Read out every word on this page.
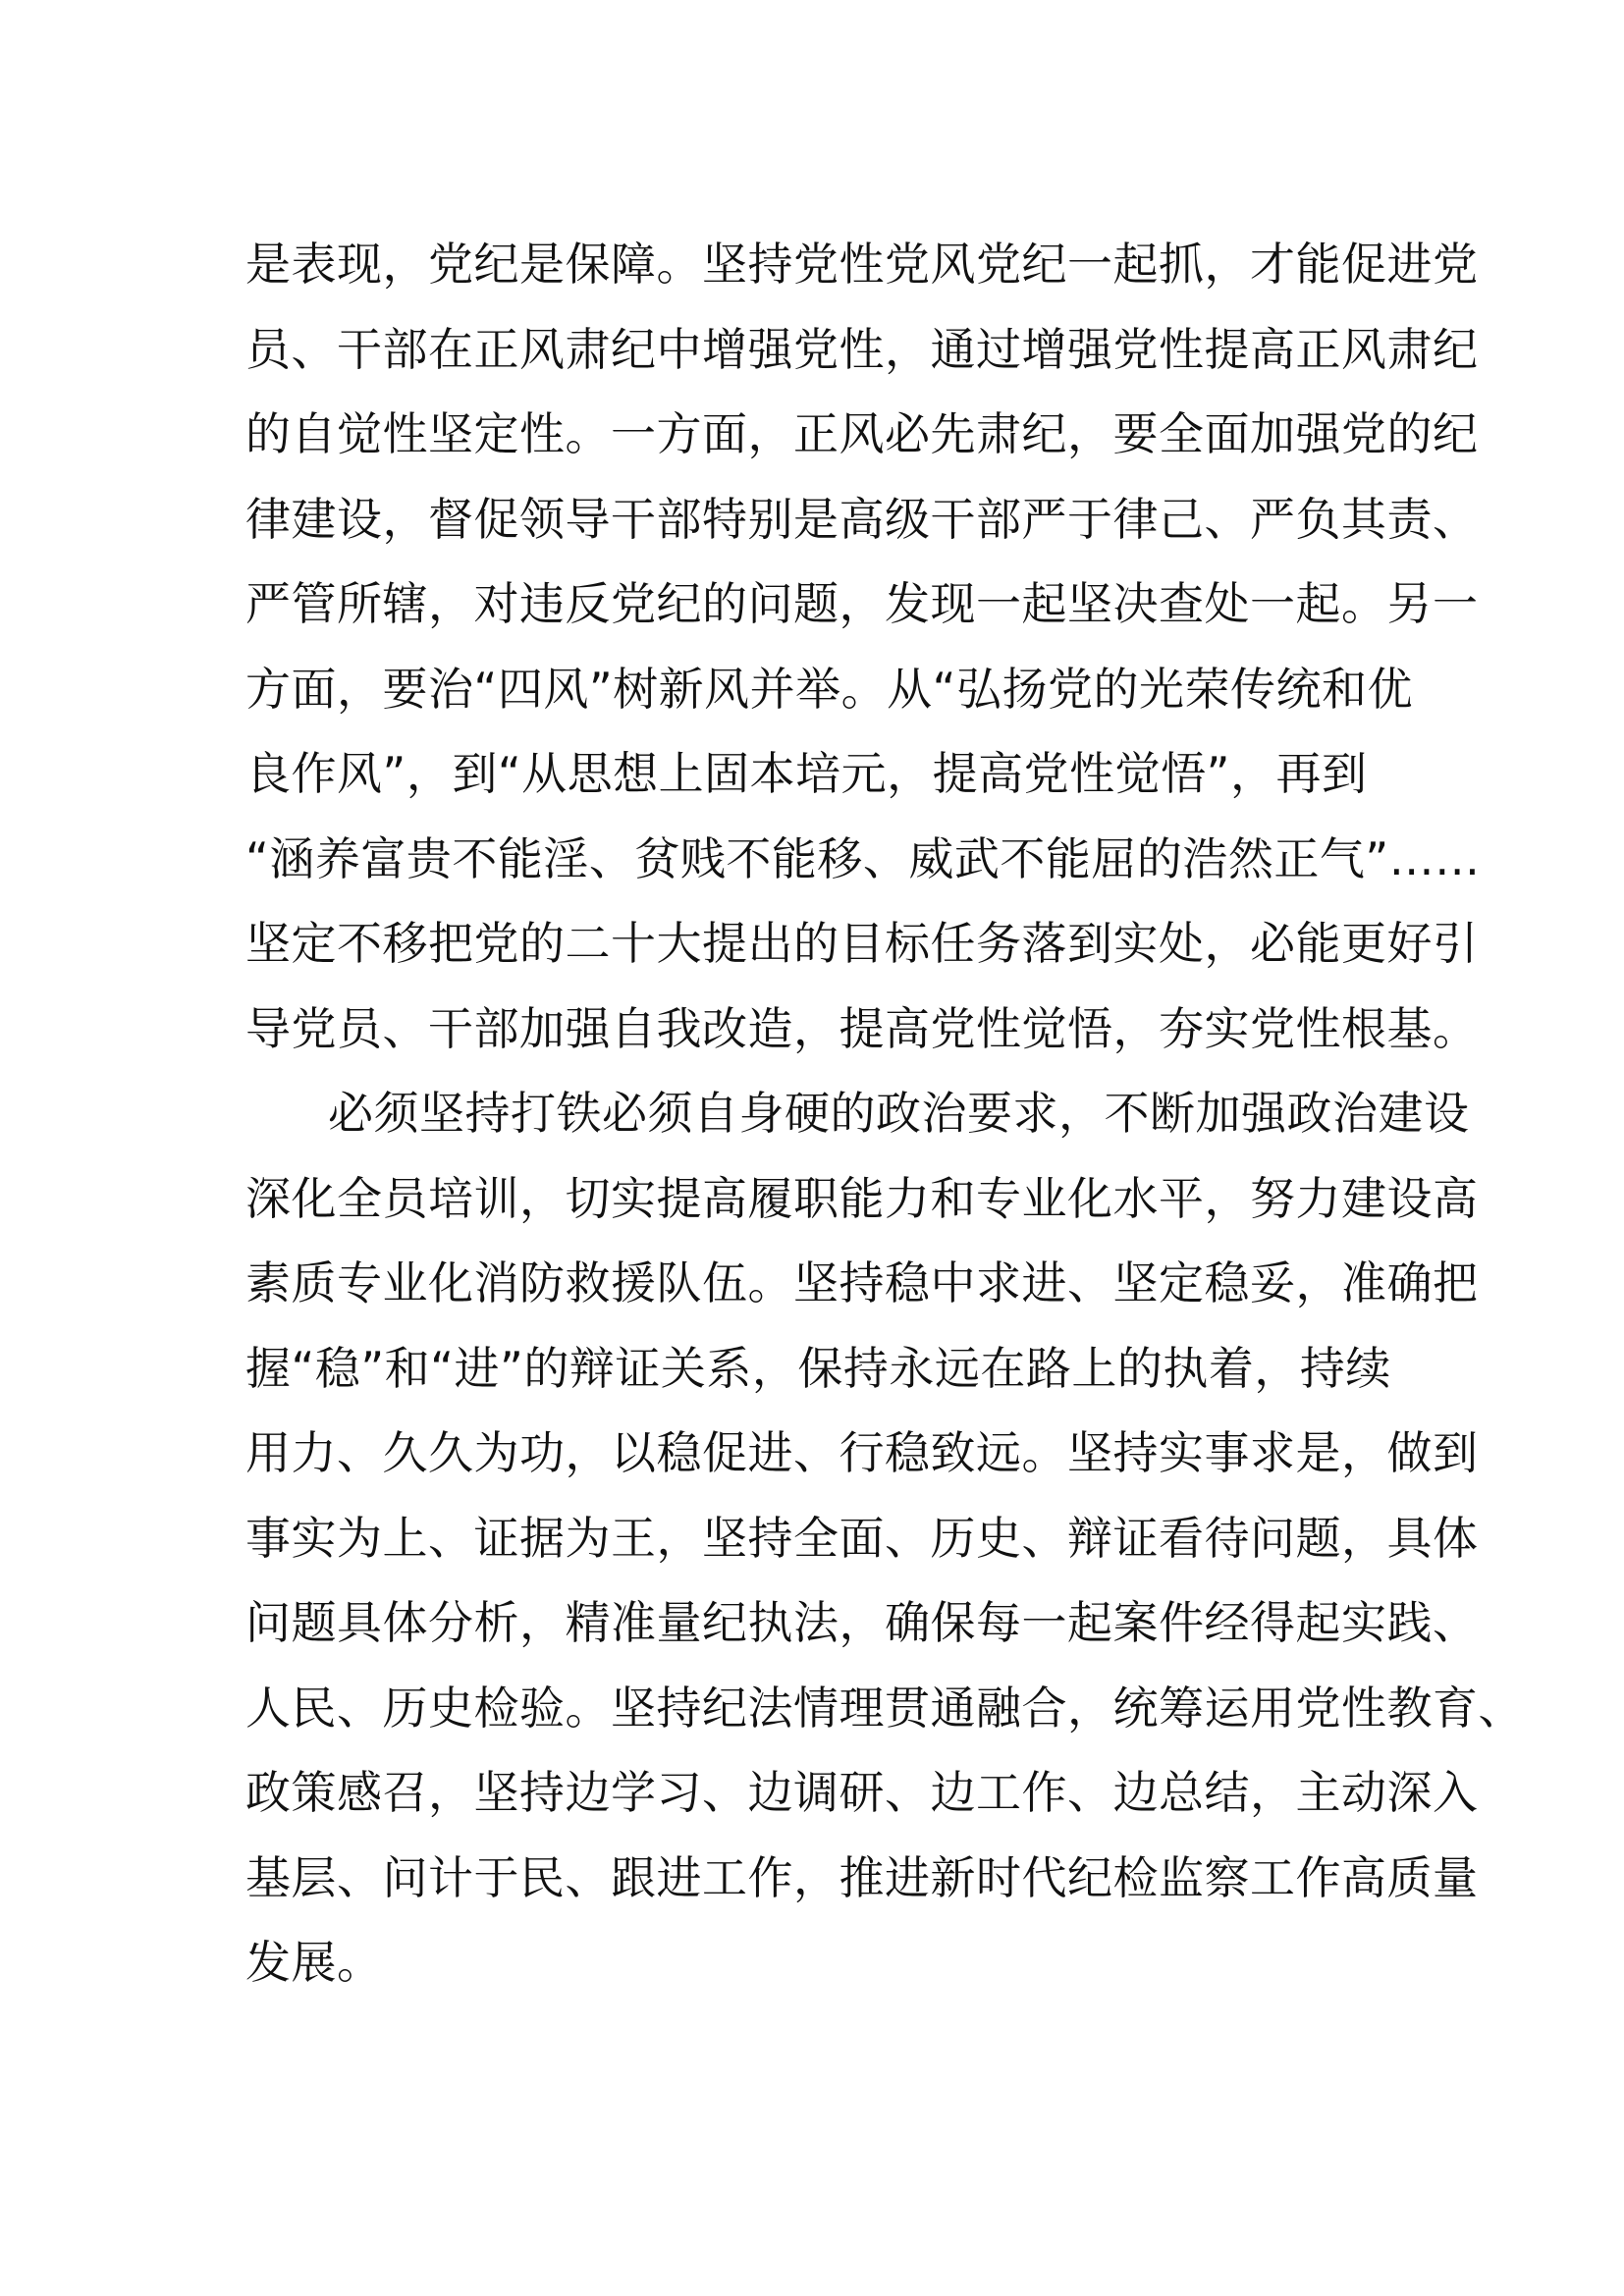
是表现，党纪是保障。坚持党性党风党纪一起抓，才能促进党
员、干部在正风肃纪中增强党性，通过增强党性提高正风肃纪
的自觉性坚定性。一方面，正风必先肃纪，要全面加强党的纪
律建设，督促领导干部特别是高级干部严于律己、严负其责、
严管所辖，对违反党纪的问题，发现一起坚决查处一起。另一
方面，要治“四风”树新风并举。从“弘扬党的光荣传统和优
良作风”，到“从思想上固本培元，提高党性觉悟”，再到
“涵养富贵不能淫、贫贱不能移、威武不能屈的浩然正气”……
坚定不移把党的二十大提出的目标任务落到实处，必能更好引
导党员、干部加强自我改造，提高党性觉悟，夯实党性根基。
必须坚持打铁必须自身硬的政治要求，不断加强政治建设
深化全员培训，切实提高履职能力和专业化水平，努力建设高
素质专业化消防救援队伍。坚持稳中求进、坚定稳妥，准确把
握“稳”和“进”的辩证关系，保持永远在路上的执着，持续
用力、久久为功，以稳促进、行稳致远。坚持实事求是，做到
事实为上、证据为王，坚持全面、历史、辩证看待问题，具体
问题具体分析，精准量纪执法，确保每一起案件经得起实践、
人民、历史检验。坚持纪法情理贯通融合，统筹运用党性教育、
政策感召，坚持边学习、边调研、边工作、边总结，主动深入
基层、问计于民、跟进工作，推进新时代纪检监察工作高质量
发展。
